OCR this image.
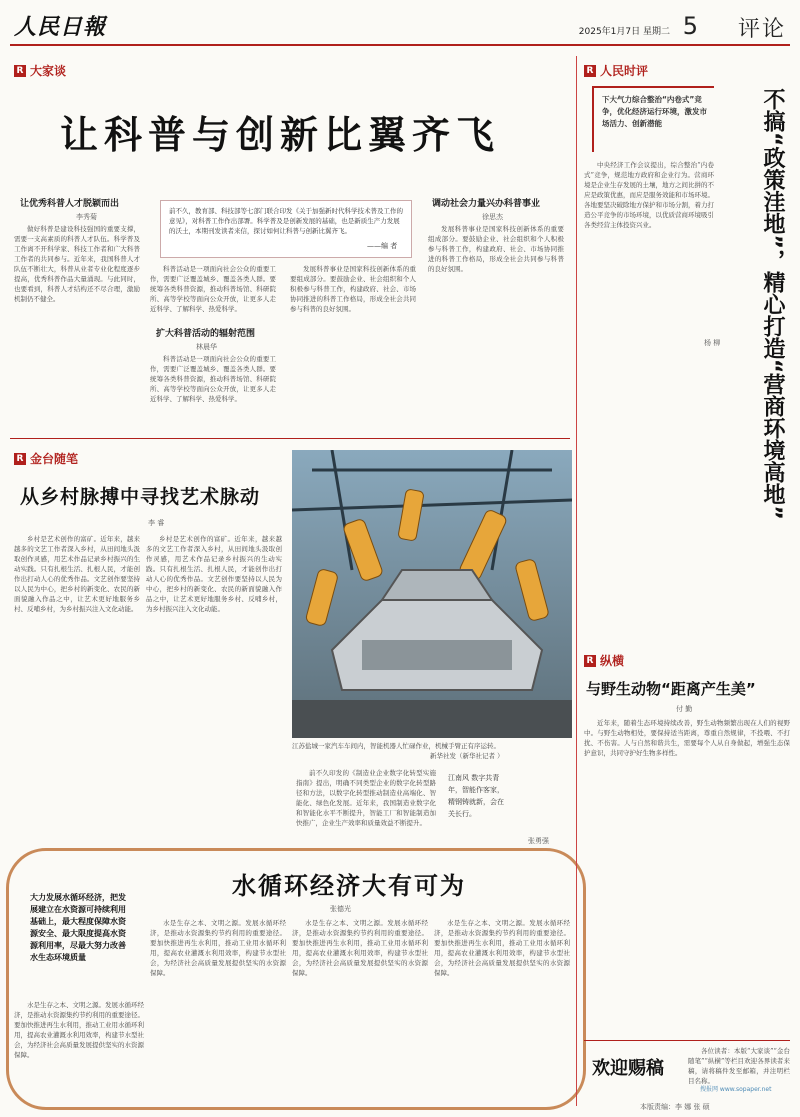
人民日報	2025年1月7日 星期二 5 评论
R 大家谈
让科普与创新比翼齐飞
让优秀科普人才脱颖而出
李秀菊

做好科普是建设科技强国的重要支撑，需要一支高素质的科普人才队伍。科学普及工作离不开科学家、科技工作者和广大科普工作者的共同参与。近年来，我国科普人才队伍不断壮大，科普从业者专业化程度逐步提高，优秀科普作品大量涌现。与此同时，也要看到，科普人才结构还不尽合理，激励机制仍不健全。

前不久，教育部、科技部等七部门联合印发《关于加强新时代科学技术普及工作的意见》，对科普工作作出部署。科学普及是创新发展的基础，也是新质生产力发展的沃土，本期刊发读者来信，探讨如何让科普与创新比翼齐飞。
——编 者

科普活动是一项面向社会公众的重要工作，需要广泛覆盖城乡、覆盖各类人群。要统筹各类科普资源，推动科普场馆、科研院所、高等学校等面向公众开放，让更多人走近科学、了解科学、热爱科学。

扩大科普活动的辐射范围
林晨华

科普活动是一项面向社会公众的重要工作，需要广泛覆盖城乡、覆盖各类人群。要统筹各类科普资源，推动科普场馆、科研院所、高等学校等面向公众开放，让更多人走近科学、了解科学、热爱科学。

发展科普事业是国家科技创新体系的重要组成部分。要鼓励企业、社会组织和个人积极参与科普工作，构建政府、社会、市场协同推进的科普工作格局，形成全社会共同参与科普的良好氛围。

调动社会力量兴办科普事业
徐思杰

发展科普事业是国家科技创新体系的重要组成部分。要鼓励企业、社会组织和个人积极参与科普工作，构建政府、社会、市场协同推进的科普工作格局，形成全社会共同参与科普的良好氛围。

R 金台随笔
从乡村脉搏中寻找艺术脉动
李 睿

乡村是艺术创作的富矿。近年来，越来越多的文艺工作者深入乡村，从田间地头汲取创作灵感，用艺术作品记录乡村振兴的生动实践。只有扎根生活、扎根人民，才能创作出打动人心的优秀作品。文艺创作要坚持以人民为中心，把乡村的新变化、农民的新面貌融入作品之中，让艺术更好地服务乡村、反哺乡村，为乡村振兴注入文化动能。

乡村是艺术创作的富矿。近年来，越来越多的文艺工作者深入乡村，从田间地头汲取创作灵感，用艺术作品记录乡村振兴的生动实践。只有扎根生活、扎根人民，才能创作出打动人心的优秀作品。文艺创作要坚持以人民为中心，把乡村的新变化、农民的新面貌融入作品之中，让艺术更好地服务乡村、反哺乡村，为乡村振兴注入文化动能。

江苏盐城一家汽车车间内，智能机器人忙碌作业，机械手臂正有序运转。
新华社发（新华社记者 ）

前不久印发的《制造业企业数字化转型实施指南》提出，明确不同类型企业的数字化转型路径和方法，以数字化转型推动制造业高端化、智能化、绿色化发展。近年来，我国制造业数字化和智能化水平不断提升，智能工厂和智能制造加快推广，企业生产效率和质量效益不断提升。

江南风 数字共青年，智能作客家，精钢铸就新，会在关长行。
张勇强
大力发展水循环经济，把发展建立在水资源可持续利用基础上，最大程度保障水资源安全、最大限度提高水资源利用率，尽最大努力改善水生态环境质量
水循环经济大有可为
张德光

水是生存之本、文明之源。发展水循环经济，是推动水资源集约节约利用的重要途径。要加快推进再生水利用，推动工业用水循环利用，提高农业灌溉水利用效率，构建节水型社会，为经济社会高质量发展提供坚实的水资源保障。

水是生存之本、文明之源。发展水循环经济，是推动水资源集约节约利用的重要途径。要加快推进再生水利用，推动工业用水循环利用，提高农业灌溉水利用效率，构建节水型社会，为经济社会高质量发展提供坚实的水资源保障。

水是生存之本、文明之源。发展水循环经济，是推动水资源集约节约利用的重要途径。要加快推进再生水利用，推动工业用水循环利用，提高农业灌溉水利用效率，构建节水型社会，为经济社会高质量发展提供坚实的水资源保障。

水是生存之本、文明之源。发展水循环经济，是推动水资源集约节约利用的重要途径。要加快推进再生水利用，推动工业用水循环利用，提高农业灌溉水利用效率，构建节水型社会，为经济社会高质量发展提供坚实的水资源保障。

R 人民时评
下大气力综合整治“内卷式”竞争，优化经济运行环境，激发市场活力、创新潜能	不搞“政策洼地”，精心打造“营商环境高地”
杨 柳

中央经济工作会议提出，综合整治“内卷式”竞争，规范地方政府和企业行为。营商环境是企业生存发展的土壤，地方之间比拼的不应是政策优惠，而应是服务效能和市场环境。各地要坚决破除地方保护和市场分割，着力打造公平竞争的市场环境，以优质营商环境吸引各类经营主体投资兴业。

R 纵横
与野生动物“距离产生美”
付 勤

近年来，随着生态环境持续改善，野生动物频繁出现在人们的视野中。与野生动物相处，要保持适当距离，尊重自然规律，不投喂、不打扰、不伤害。人与自然和谐共生，需要每个人从自身做起，增强生态保护意识，共同守护好生物多样性。

欢迎赐稿

各位读者：本版“大家谈”“金台随笔”“纵横”等栏目欢迎各界读者来稿，请将稿件发至邮箱，并注明栏目名称。

本版责编：李 娜 张 硕
搜报网 www.sopaper.net
